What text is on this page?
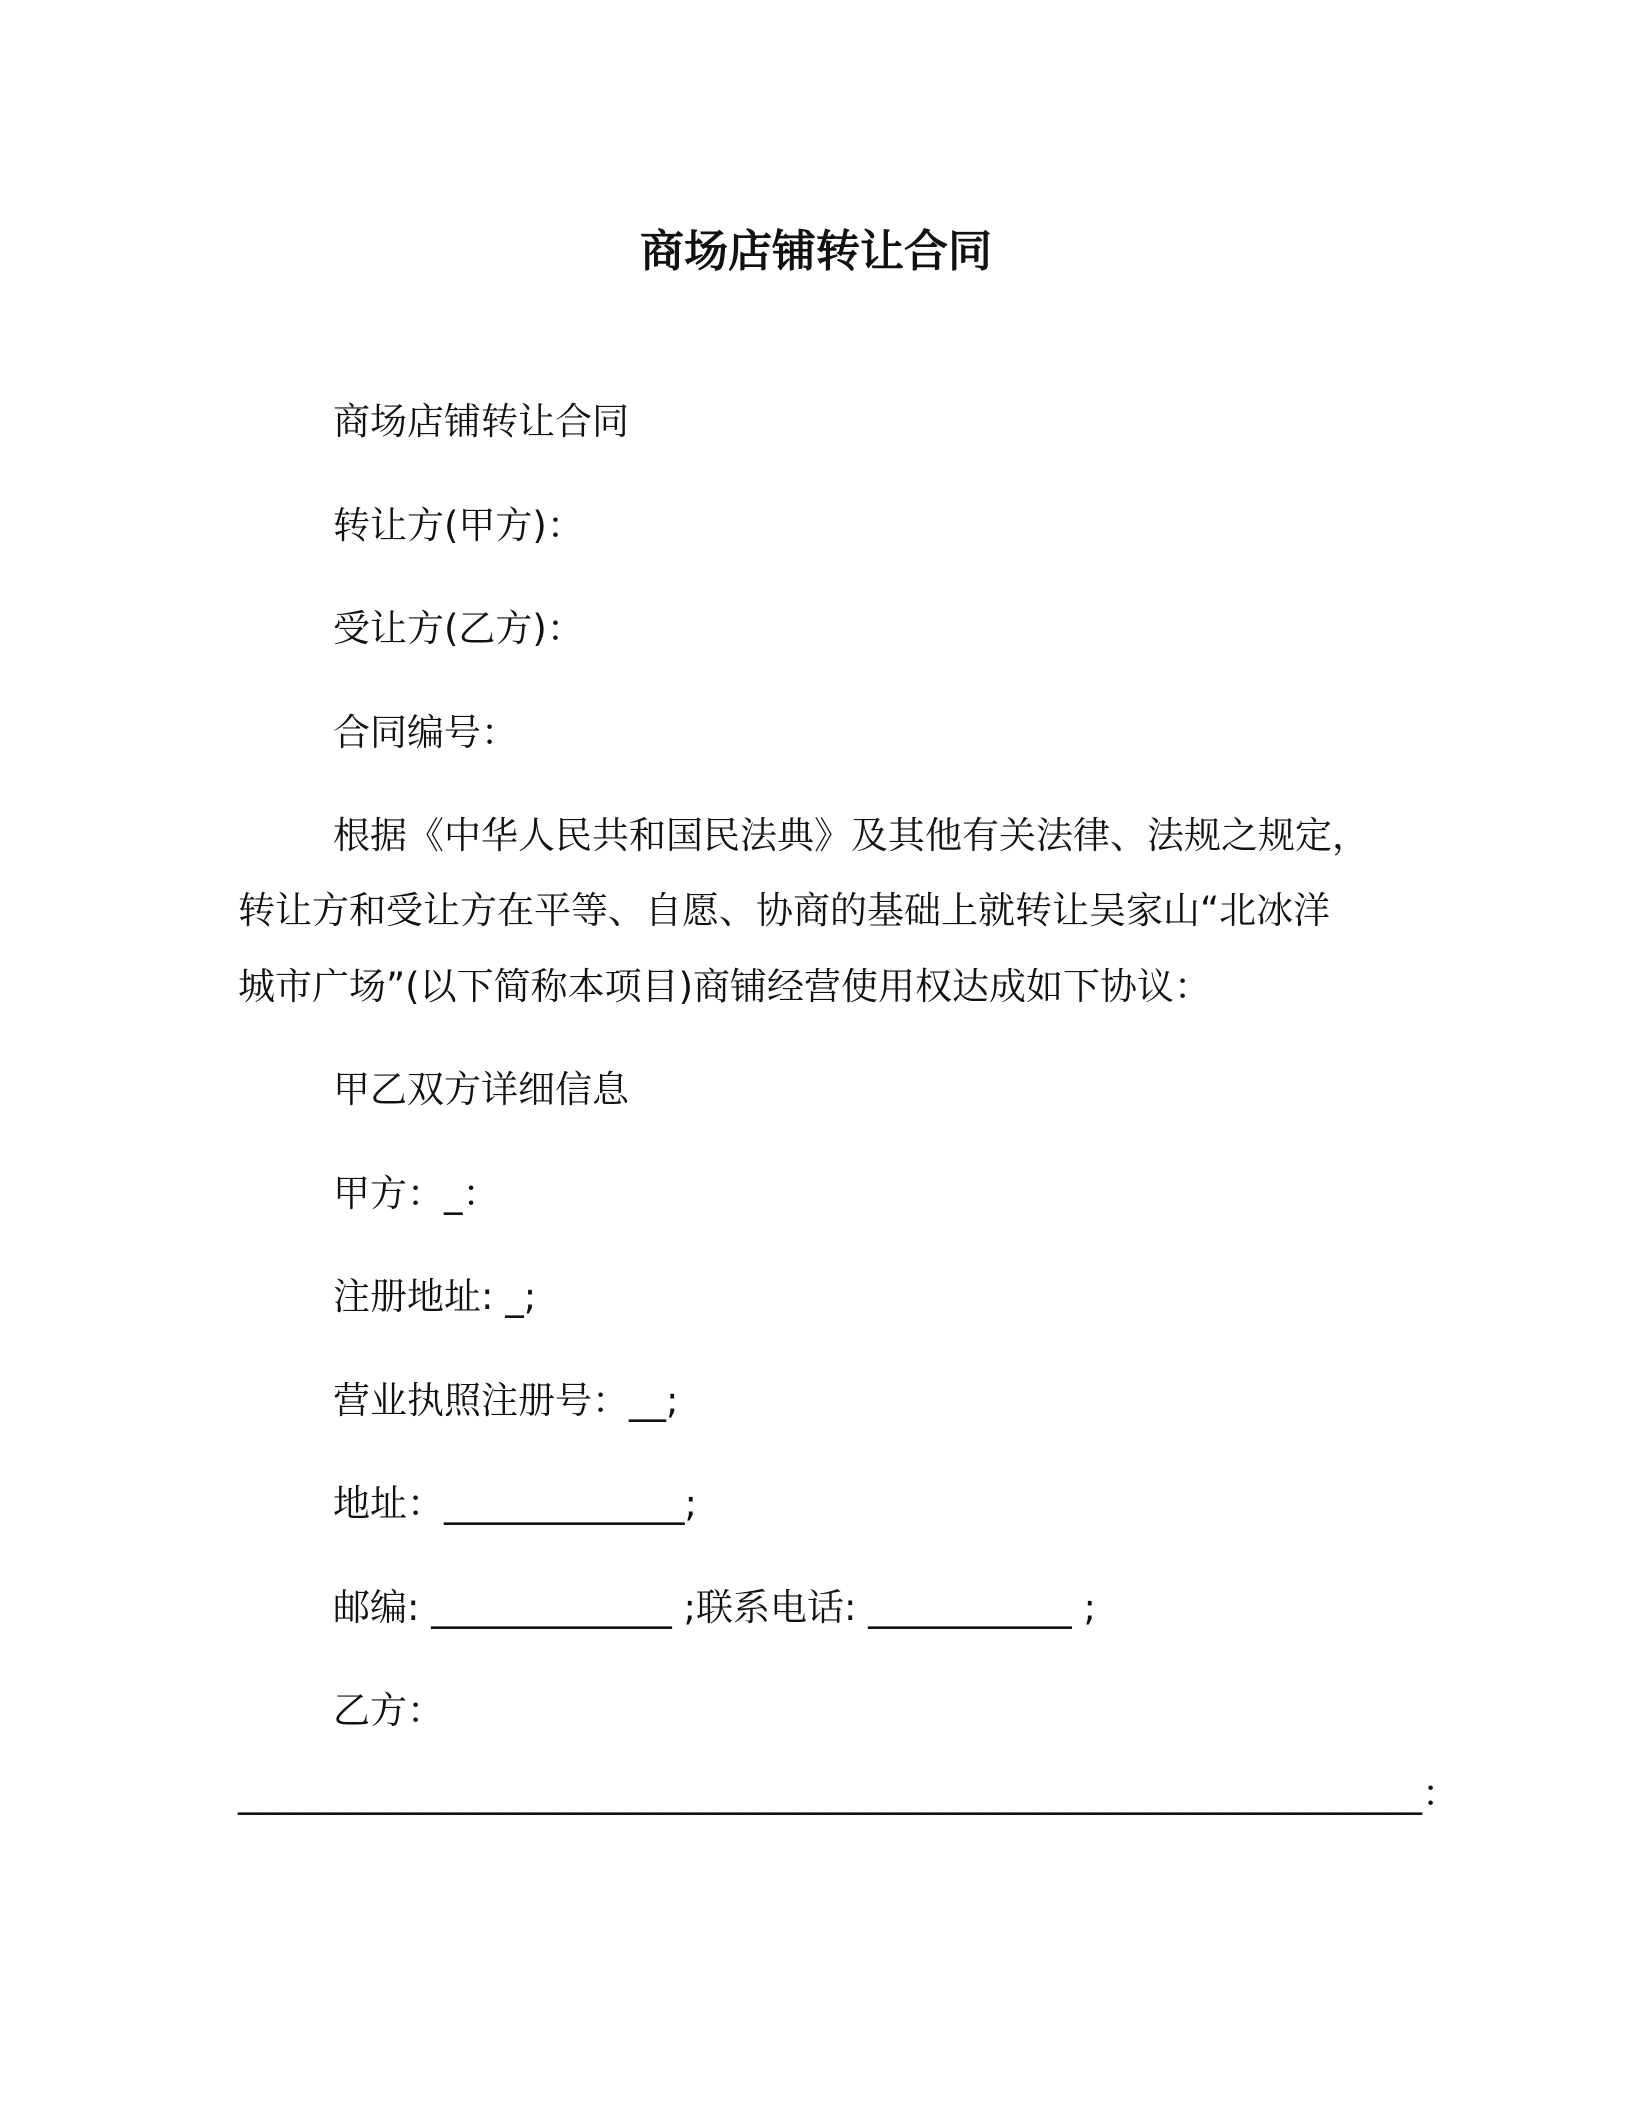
商场店铺转让合同
商场店铺转让合同
转让方(甲方)：
受让方(乙方)：
合同编号：
根据《中华人民共和国民法典》及其他有关法律、法规之规定，
转让方和受让方在平等、自愿、协商的基础上就转让吴家山“北冰洋
城市广场”(以下简称本项目)商铺经营使用权达成如下协议：
甲乙双方详细信息
甲方：_：
注册地址: _;
营业执照注册号：__;
地址：_____________;
邮编: _____________ ;联系电话: ___________ ;
乙方：
________________________________________________________________：
